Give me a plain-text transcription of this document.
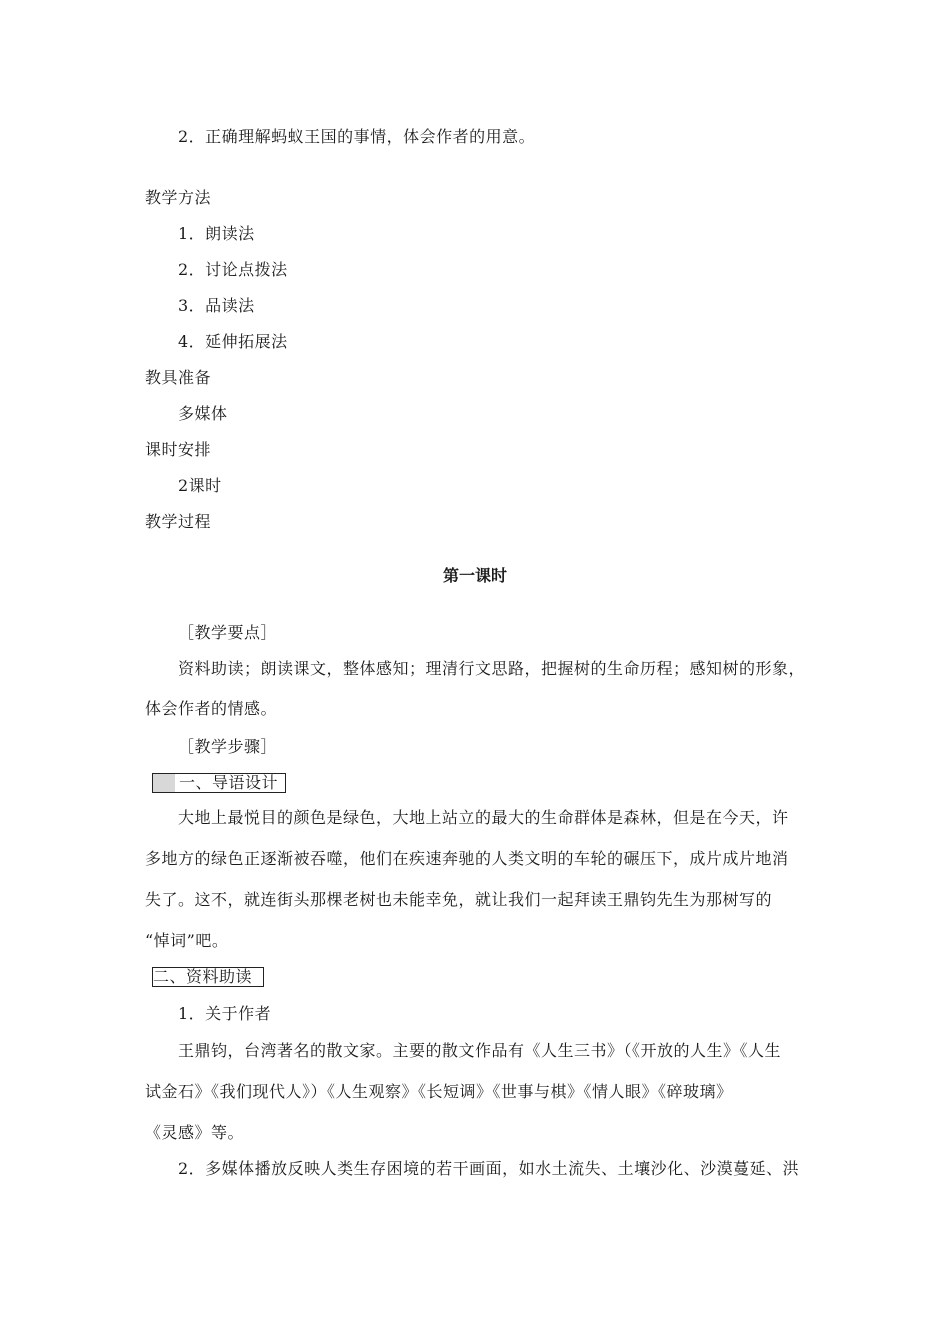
2．正确理解蚂蚁王国的事情，体会作者的用意。
教学方法
1．朗读法
2．讨论点拨法
3．品读法
4．延伸拓展法
教具准备
多媒体
课时安排
2课时
教学过程
第一课时
［教学要点］
资料助读；朗读课文，整体感知；理清行文思路，把握树的生命历程；感知树的形象，
体会作者的情感。
［教学步骤］
一、导语设计
大地上最悦目的颜色是绿色，大地上站立的最大的生命群体是森林，但是在今天，许
多地方的绿色正逐渐被吞噬，他们在疾速奔驰的人类文明的车轮的碾压下，成片成片地消
失了。这不，就连街头那棵老树也未能幸免，就让我们一起拜读王鼎钧先生为那树写的
“悼词”吧。
二、资料助读
1．关于作者
王鼎钧，台湾著名的散文家。主要的散文作品有《人生三书》（《开放的人生》《人生
试金石》《我们现代人》）《人生观察》《长短调》《世事与棋》《情人眼》《碎玻璃》
《灵感》等。
2．多媒体播放反映人类生存困境的若干画面，如水土流失、土壤沙化、沙漠蔓延、洪
